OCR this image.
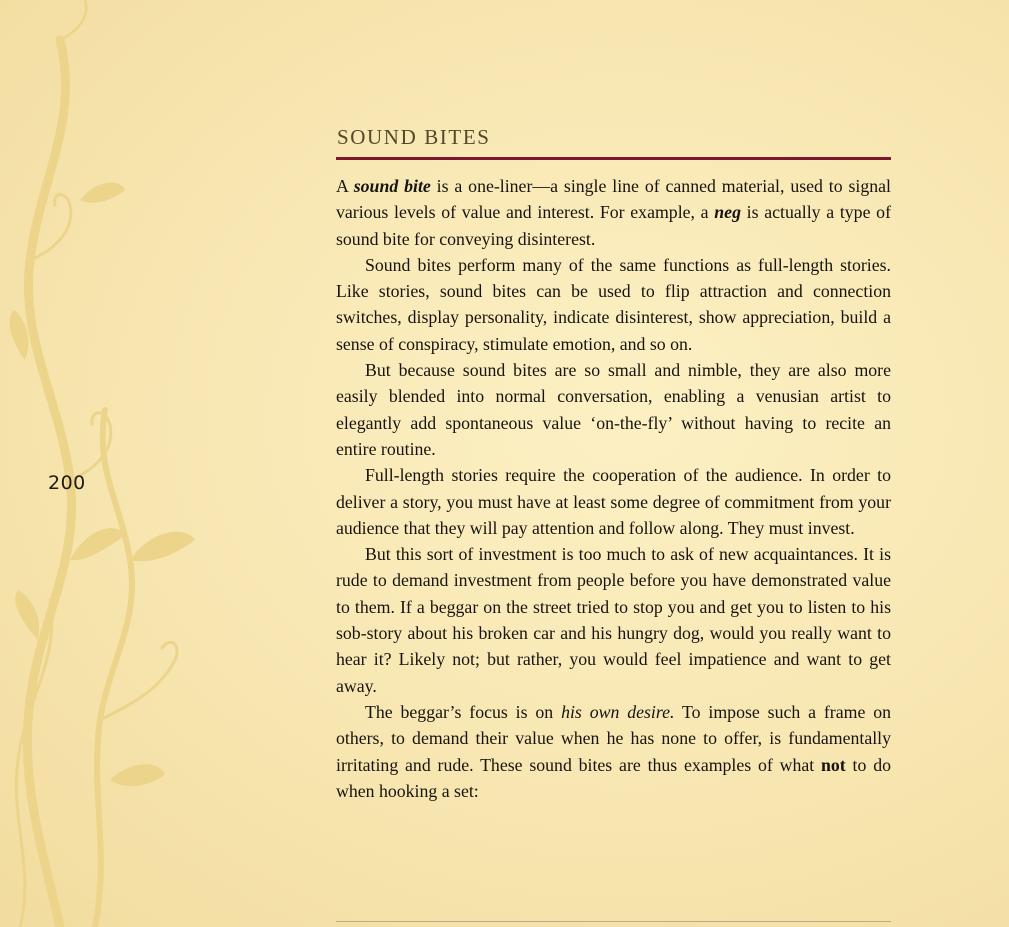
200
SOUND BITES

A sound bite is a one-liner—a single line of canned material, used to signal various levels of value and interest. For example, a neg is actually a type of sound bite for conveying disinterest.

Sound bites perform many of the same functions as full-length stories. Like stories, sound bites can be used to flip attraction and connection switches, display personality, indicate disinterest, show appreciation, build a sense of conspiracy, stimulate emotion, and so on.

But because sound bites are so small and nimble, they are also more easily blended into normal conversation, enabling a venusian artist to elegantly add spontaneous value ‘on-the-fly’ without having to recite an entire routine.

Full-length stories require the cooperation of the audience. In order to deliver a story, you must have at least some degree of commitment from your audience that they will pay attention and follow along. They must invest.

But this sort of investment is too much to ask of new acquaintances. It is rude to demand investment from people before you have demonstrated value to them. If a beggar on the street tried to stop you and get you to listen to his sob-story about his broken car and his hungry dog, would you really want to hear it? Likely not; but rather, you would feel impatience and want to get away.

The beggar’s focus is on his own desire. To impose such a frame on others, to demand their value when he has none to offer, is fundamentally irritating and rude. These sound bites are thus examples of what not to do when hooking a set:
